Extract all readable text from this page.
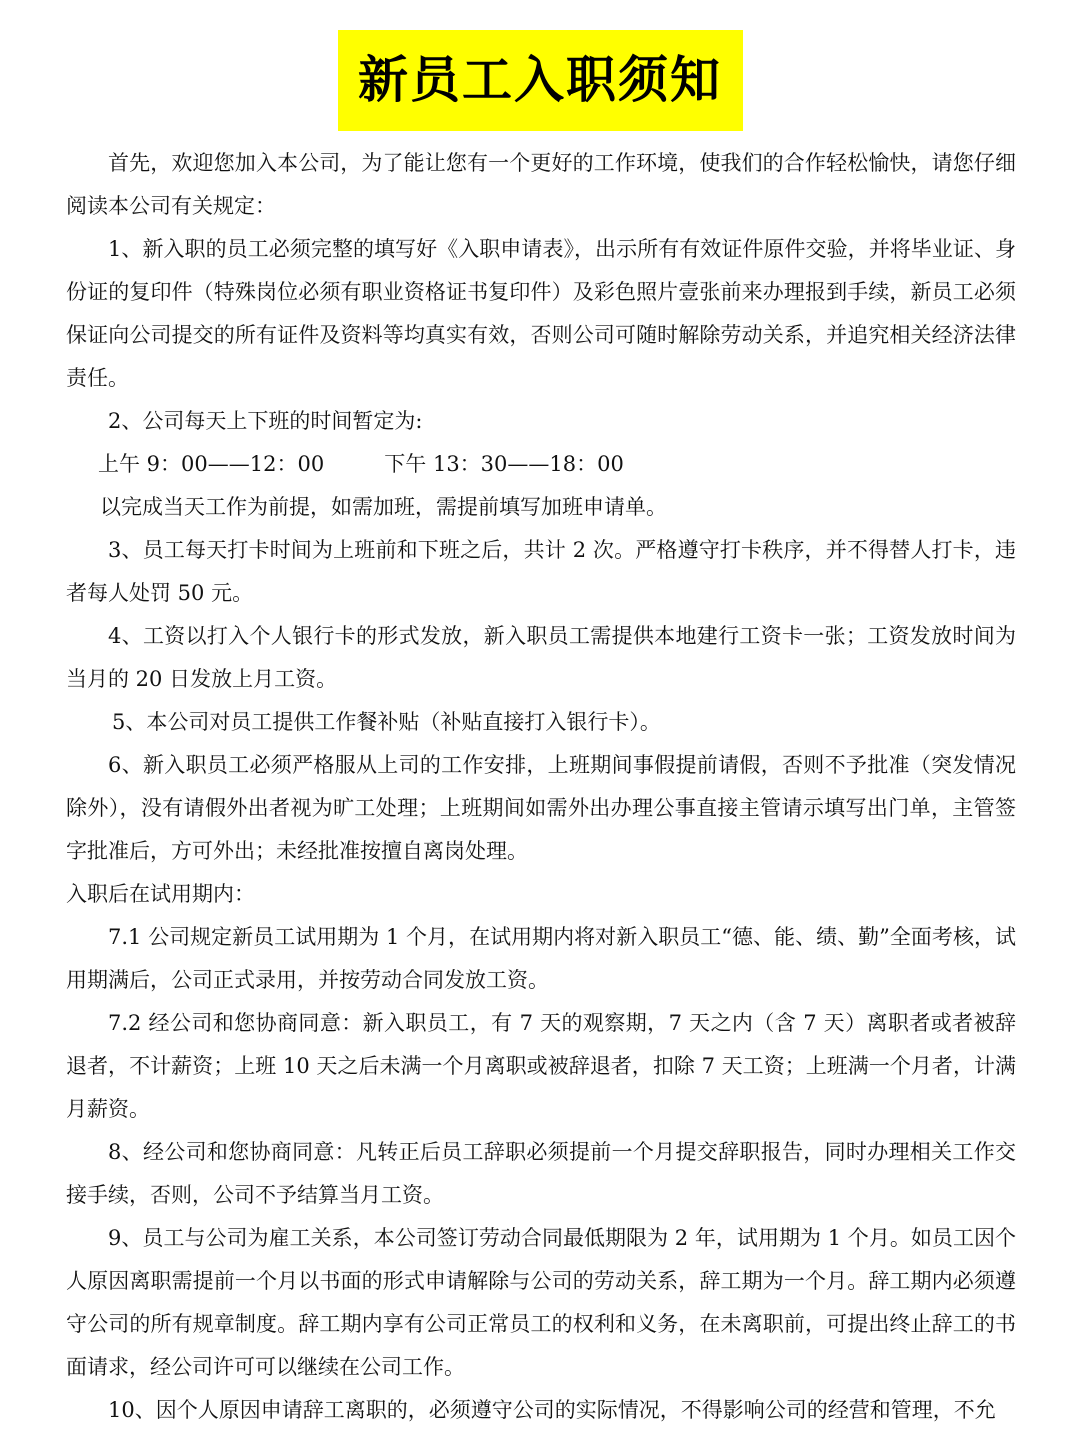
新员工入职须知

首先，欢迎您加入本公司，为了能让您有一个更好的工作环境，使我们的合作轻松愉快，请您仔细阅读本公司有关规定：

1、新入职的员工必须完整的填写好《入职申请表》，出示所有有效证件原件交验，并将毕业证、身份证的复印件（特殊岗位必须有职业资格证书复印件）及彩色照片壹张前来办理报到手续，新员工必须保证向公司提交的所有证件及资料等均真实有效，否则公司可随时解除劳动关系，并追究相关经济法律责任。

2、公司每天上下班的时间暂定为:

上午 9：00——12：00	下午 13：30——18：00

以完成当天工作为前提，如需加班，需提前填写加班申请单。

3、员工每天打卡时间为上班前和下班之后，共计 2 次。严格遵守打卡秩序，并不得替人打卡，违者每人处罚 50 元。

4、工资以打入个人银行卡的形式发放，新入职员工需提供本地建行工资卡一张；工资发放时间为当月的 20 日发放上月工资。

5、本公司对员工提供工作餐补贴（补贴直接打入银行卡）。

6、新入职员工必须严格服从上司的工作安排，上班期间事假提前请假，否则不予批准（突发情况除外），没有请假外出者视为旷工处理；上班期间如需外出办理公事直接主管请示填写出门单，主管签字批准后，方可外出；未经批准按擅自离岗处理。

入职后在试用期内：

7.1 公司规定新员工试用期为 1 个月，在试用期内将对新入职员工“德、能、绩、勤”全面考核，试用期满后，公司正式录用，并按劳动合同发放工资。

7.2 经公司和您协商同意：新入职员工，有 7 天的观察期，7 天之内（含 7 天）离职者或者被辞退者，不计薪资；上班 10 天之后未满一个月离职或被辞退者，扣除 7 天工资；上班满一个月者，计满月薪资。

8、经公司和您协商同意：凡转正后员工辞职必须提前一个月提交辞职报告，同时办理相关工作交接手续，否则，公司不予结算当月工资。

9、员工与公司为雇工关系，本公司签订劳动合同最低期限为 2 年，试用期为 1 个月。如员工因个人原因离职需提前一个月以书面的形式申请解除与公司的劳动关系，辞工期为一个月。辞工期内必须遵守公司的所有规章制度。辞工期内享有公司正常员工的权利和义务，在未离职前，可提出终止辞工的书面请求，经公司许可可以继续在公司工作。

10、因个人原因申请辞工离职的，必须遵守公司的实际情况，不得影响公司的经营和管理，不允
